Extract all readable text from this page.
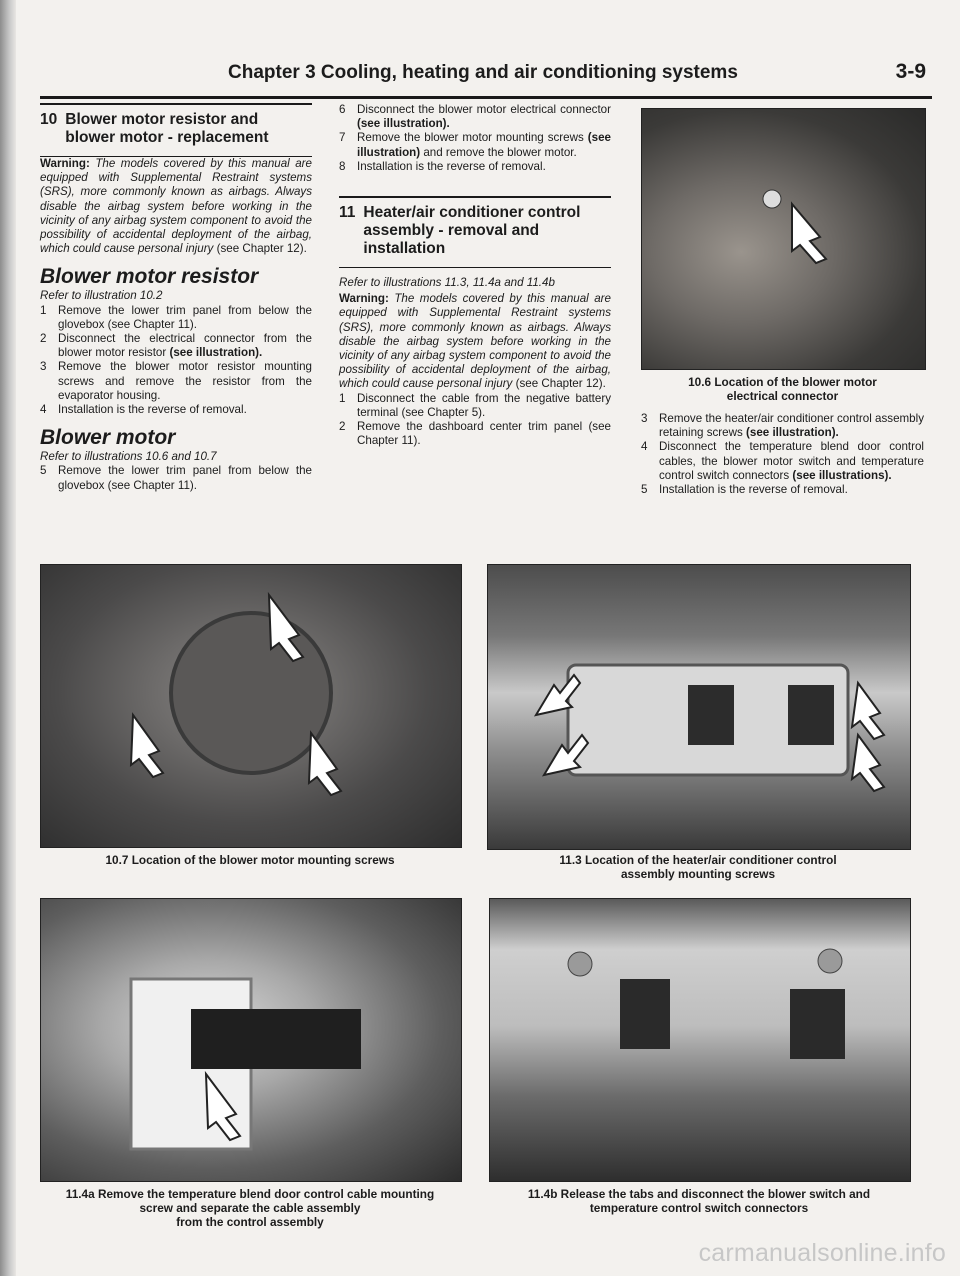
Chapter 3 Cooling, heating and air conditioning systems	3-9
10 Blower motor resistor and blower motor - replacement

Warning: The models covered by this manual are equipped with Supplemental Restraint systems (SRS), more commonly known as airbags. Always disable the airbag system before working in the vicinity of any airbag system component to avoid the possibility of accidental deployment of the airbag, which could cause personal injury (see Chapter 12).

Blower motor resistor

Refer to illustration 10.2

1 Remove the lower trim panel from below the glovebox (see Chapter 11).
2 Disconnect the electrical connector from the blower motor resistor (see illustration).
3 Remove the blower motor resistor mounting screws and remove the resistor from the evaporator housing.
4 Installation is the reverse of removal.
Blower motor

Refer to illustrations 10.6 and 10.7

5 Remove the lower trim panel from below the glovebox (see Chapter 11).
6 Disconnect the blower motor electrical connector (see illustration).
7 Remove the blower motor mounting screws (see illustration) and remove the blower motor.
8 Installation is the reverse of removal.
11 Heater/air conditioner control assembly - removal and installation

Refer to illustrations 11.3, 11.4a and 11.4b

Warning: The models covered by this manual are equipped with Supplemental Restraint systems (SRS), more commonly known as airbags. Always disable the airbag system before working in the vicinity of any airbag system component to avoid the possibility of accidental deployment of the airbag, which could cause personal injury (see Chapter 12).

1 Disconnect the cable from the negative battery terminal (see Chapter 5).
2 Remove the dashboard center trim panel (see Chapter 11).
10.6 Location of the blower motor
electrical connector
3 Remove the heater/air conditioner control assembly retaining screws (see illustration).
4 Disconnect the temperature blend door control cables, the blower motor switch and temperature control switch connectors (see illustrations).
5 Installation is the reverse of removal.
10.7 Location of the blower motor mounting screws	11.3 Location of the heater/air conditioner control
assembly mounting screws
11.4a Remove the temperature blend door control cable mounting
screw and separate the cable assembly
from the control assembly
11.4b Release the tabs and disconnect the blower switch and
temperature control switch connectors
carmanualsonline.info
